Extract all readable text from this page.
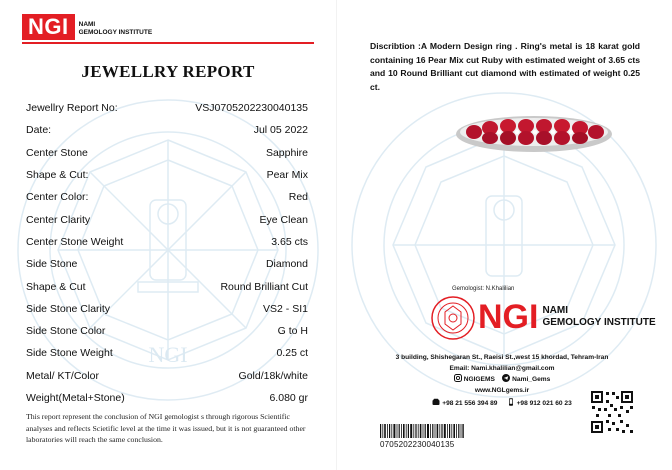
NGI
NGI	NAMI
GEMOLOGY INSTITUTE
JEWELLRY REPORT
Jewellry Report No:	VSJ0705202230040135
Date:	Jul 05 2022
Center Stone	Sapphire
Shape & Cut:	Pear Mix
Center Color:	Red
Center Clarity	Eye Clean
Center Stone Weight	3.65 cts
Side Stone	Diamond
Shape & Cut	Round Brilliant Cut
Side Stone Clarity	VS2 - SI1
Side Stone Color	G to H
Side Stone Weight	0.25 ct
Metal/ KT/Color	Gold/18k/white
Weight(Metal+Stone)	6.080 gr
This report represent the conclusion of NGI gemologist s through rigorous Scientific analyses and reflects Scietific level at the time it was issued, but it is not guaranteed other laboratories will reach the same conclusion.
Discribtion :A Modern Design ring . Ring's metal is 18 karat gold containing 16 Pear Mix cut Ruby with estimated weight of 3.65 cts and 10 Round Brilliant cut diamond with estimated of weight 0.25 ct.
Gemologist: N.Khalilian
NGI NAMI
GEMOLOGY INSTITUTE
3 building, Shishegaran St., Raeisi St.,west 15 khordad, Tehram-Iran
Email: Nami.khalilian@gmail.com
NGIGEMS	Nami_Gems
www.NGLgems.ir
+98 21 556 394 89	+98 912 021 60 23
0705202230040135
